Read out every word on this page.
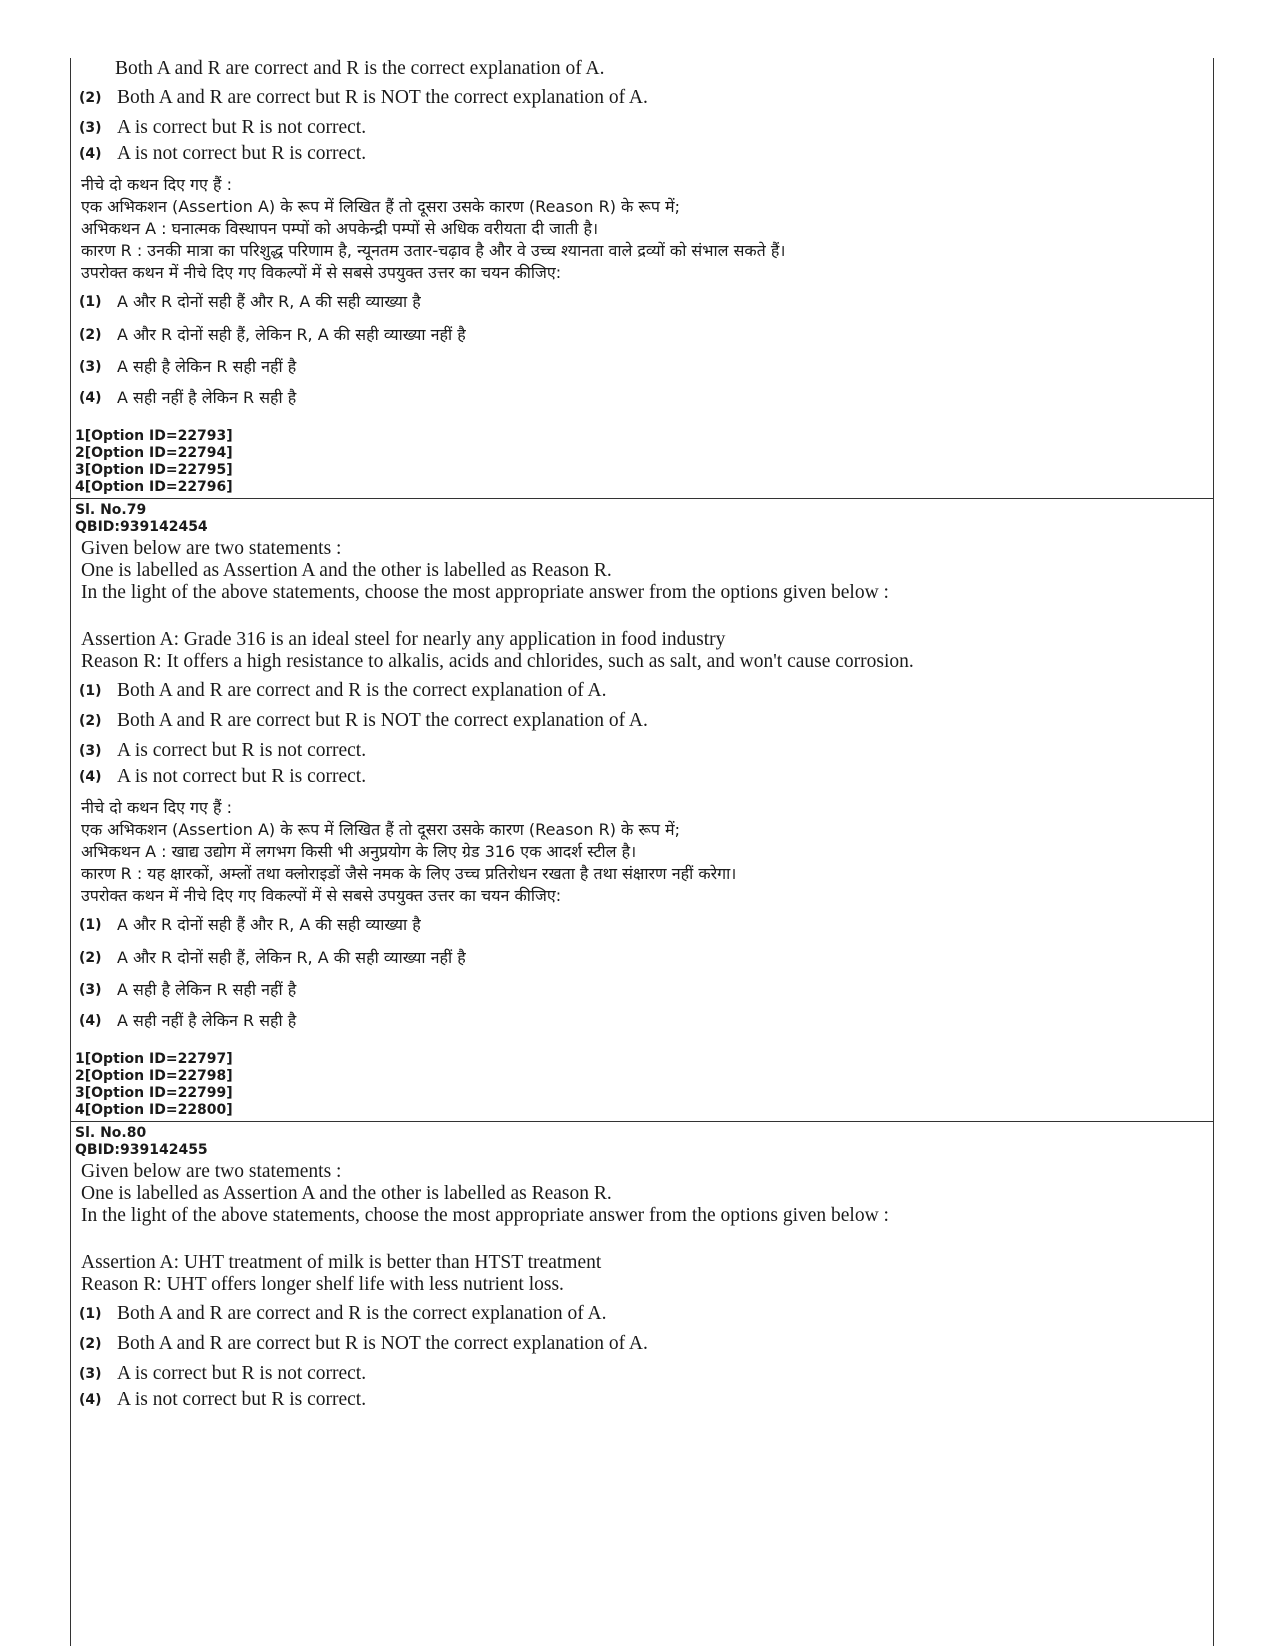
Both A and R are correct and R is the correct explanation of A.
(2) Both A and R are correct but R is NOT the correct explanation of A.
(3) A is correct but R is not correct.
(4) A is not correct but R is correct.
नीचे दो कथन दिए गए हैं :
एक अभिकशन (Assertion A) के रूप में लिखित हैं तो दूसरा उसके कारण (Reason R) के रूप में;
अभिकथन A : घनात्मक विस्थापन पम्पों को अपकेन्द्री पम्पों से अधिक वरीयता दी जाती है।
कारण R : उनकी मात्रा का परिशुद्ध परिणाम है, न्यूनतम उतार-चढ़ाव है और वे उच्च श्यानता वाले द्रव्यों को संभाल सकते हैं।
उपरोक्त कथन में नीचे दिए गए विकल्पों में से सबसे उपयुक्त उत्तर का चयन कीजिए:
(1) A और R दोनों सही हैं और R, A की सही व्याख्या है
(2) A और R दोनों सही हैं, लेकिन R, A की सही व्याख्या नहीं है
(3) A सही है लेकिन R सही नहीं है
(4) A सही नहीं है लेकिन R सही है
1[Option ID=22793]
2[Option ID=22794]
3[Option ID=22795]
4[Option ID=22796]
Sl. No.79
QBID:939142454
Given below are two statements :
One is labelled as Assertion A and the other is labelled as Reason R.
In the light of the above statements, choose the most appropriate answer from the options given below :
Assertion A: Grade 316 is an ideal steel for nearly any application in food industry
Reason R: It offers a high resistance to alkalis, acids and chlorides, such as salt, and won't cause corrosion.
(1) Both A and R are correct and R is the correct explanation of A.
(2) Both A and R are correct but R is NOT the correct explanation of A.
(3) A is correct but R is not correct.
(4) A is not correct but R is correct.
नीचे दो कथन दिए गए हैं :
एक अभिकशन (Assertion A) के रूप में लिखित हैं तो दूसरा उसके कारण (Reason R) के रूप में;
अभिकथन A : खाद्य उद्योग में लगभग किसी भी अनुप्रयोग के लिए ग्रेड 316 एक आदर्श स्टील है।
कारण R : यह क्षारकों, अम्लों तथा क्लोराइडों जैसे नमक के लिए उच्च प्रतिरोधन रखता है तथा संक्षारण नहीं करेगा।
उपरोक्त कथन में नीचे दिए गए विकल्पों में से सबसे उपयुक्त उत्तर का चयन कीजिए:
(1) A और R दोनों सही हैं और R, A की सही व्याख्या है
(2) A और R दोनों सही हैं, लेकिन R, A की सही व्याख्या नहीं है
(3) A सही है लेकिन R सही नहीं है
(4) A सही नहीं है लेकिन R सही है
1[Option ID=22797]
2[Option ID=22798]
3[Option ID=22799]
4[Option ID=22800]
Sl. No.80
QBID:939142455
Given below are two statements :
One is labelled as Assertion A and the other is labelled as Reason R.
In the light of the above statements, choose the most appropriate answer from the options given below :
Assertion A: UHT treatment of milk is better than HTST treatment
Reason R: UHT offers longer shelf life with less nutrient loss.
(1) Both A and R are correct and R is the correct explanation of A.
(2) Both A and R are correct but R is NOT the correct explanation of A.
(3) A is correct but R is not correct.
(4) A is not correct but R is correct.
